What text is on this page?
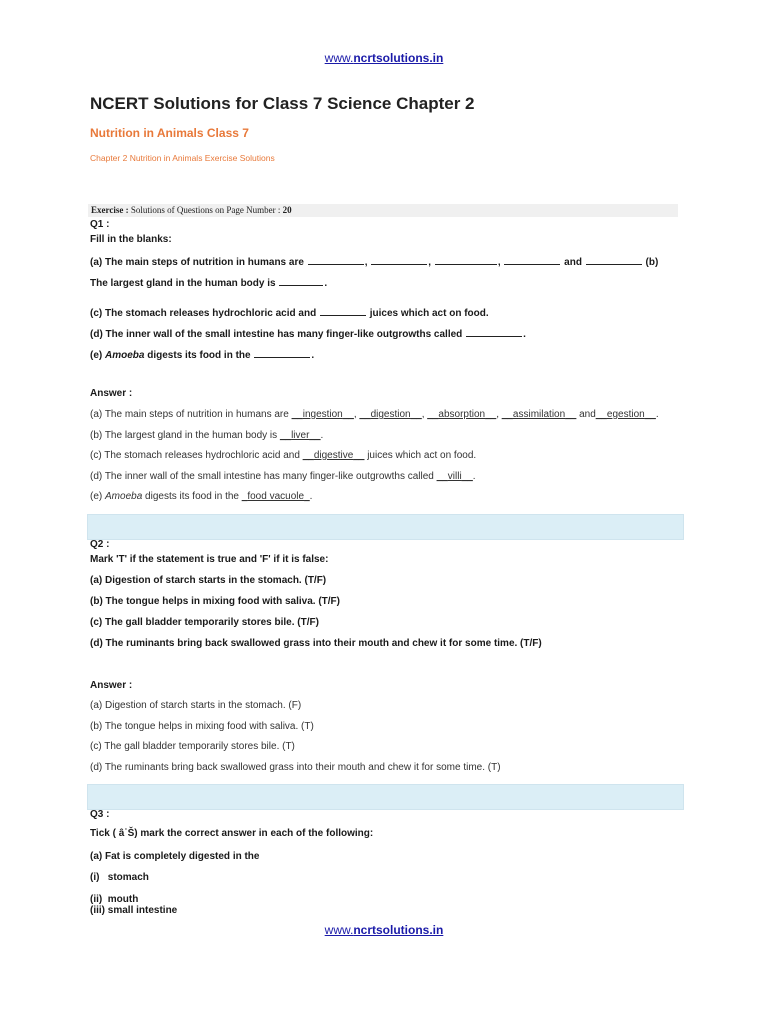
www.ncrtsolutions.in
NCERT Solutions for Class 7 Science Chapter 2
Nutrition in Animals Class 7
Chapter 2 Nutrition in Animals Exercise Solutions
Exercise : Solutions of Questions on Page Number : 20
Q1 :
Fill in the blanks:
(a) The main steps of nutrition in humans are	,	,	,	and	(b)
The largest gland in the human body is	.
(c) The stomach releases hydrochloric acid and	juices which act on food.
(d) The inner wall of the small intestine has many finger-like outgrowths called	.
(e) Amoeba digests its food in the	.
Answer :
(a) The main steps of nutrition in humans are __ingestion__, __digestion__, __absorption__, __assimilation__ and__egestion__.
(b) The largest gland in the human body is __liver__.
(c) The stomach releases hydrochloric acid and __digestive__ juices which act on food.
(d) The inner wall of the small intestine has many finger-like outgrowths called __villi__.
(e) Amoeba digests its food in the _food vacuole_.
Q2 :
Mark 'T' if the statement is true and 'F' if it is false:
(a) Digestion of starch starts in the stomach. (T/F)
(b) The tongue helps in mixing food with saliva. (T/F)
(c) The gall bladder temporarily stores bile. (T/F)
(d) The ruminants bring back swallowed grass into their mouth and chew it for some time. (T/F)
Answer :
(a) Digestion of starch starts in the stomach. (F)
(b) The tongue helps in mixing food with saliva. (T)
(c) The gall bladder temporarily stores bile. (T)
(d) The ruminants bring back swallowed grass into their mouth and chew it for some time. (T)
Q3 :
Tick ( â˙Š) mark the correct answer in each of the following:
(a) Fat is completely digested in the
(i)   stomach
(ii)  mouth
(iii) small intestine
www.ncrtsolutions.in
